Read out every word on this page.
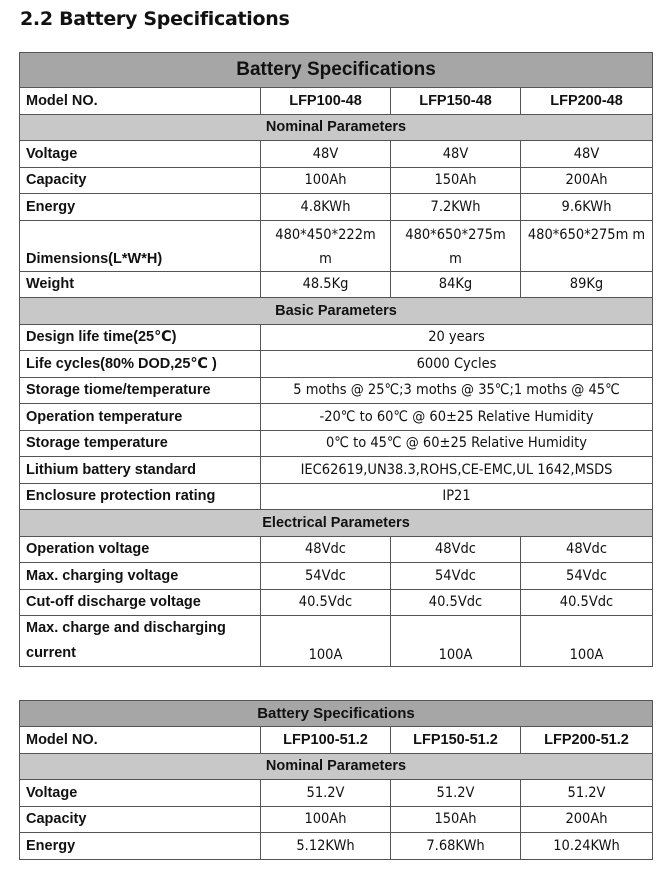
2.2 Battery Specifications
Battery Specifications			
Model NO.	LFP100-48	LFP150-48	LFP200-48
Nominal Parameters			
Voltage	48V	48V	48V
Capacity	100Ah	150Ah	200Ah
Energy	4.8KWh	7.2KWh	9.6KWh
Dimensions(L*W*H)	480*450*222m m	480*650*275m m	480*650*275m m
Weight	48.5Kg	84Kg	89Kg
Basic Parameters			
Design life time(25℃)	20 years		
Life cycles(80% DOD,25℃ )	6000 Cycles		
Storage tiome/temperature	5 moths @ 25℃;3 moths @ 35℃;1 moths @ 45℃		
Operation temperature	-20℃ to 60℃ @ 60±25 Relative Humidity		
Storage temperature	0℃ to 45℃ @ 60±25 Relative Humidity		
Lithium battery standard	IEC62619,UN38.3,ROHS,CE-EMC,UL 1642,MSDS		
Enclosure protection rating	IP21		
Electrical Parameters			
Operation voltage	48Vdc	48Vdc	48Vdc
Max. charging voltage	54Vdc	54Vdc	54Vdc
Cut-off discharge voltage	40.5Vdc	40.5Vdc	40.5Vdc
Max. charge and discharging current	100A	100A	100A
Battery Specifications			
Model NO.	LFP100-51.2	LFP150-51.2	LFP200-51.2
Nominal Parameters			
Voltage	51.2V	51.2V	51.2V
Capacity	100Ah	150Ah	200Ah
Energy	5.12KWh	7.68KWh	10.24KWh
